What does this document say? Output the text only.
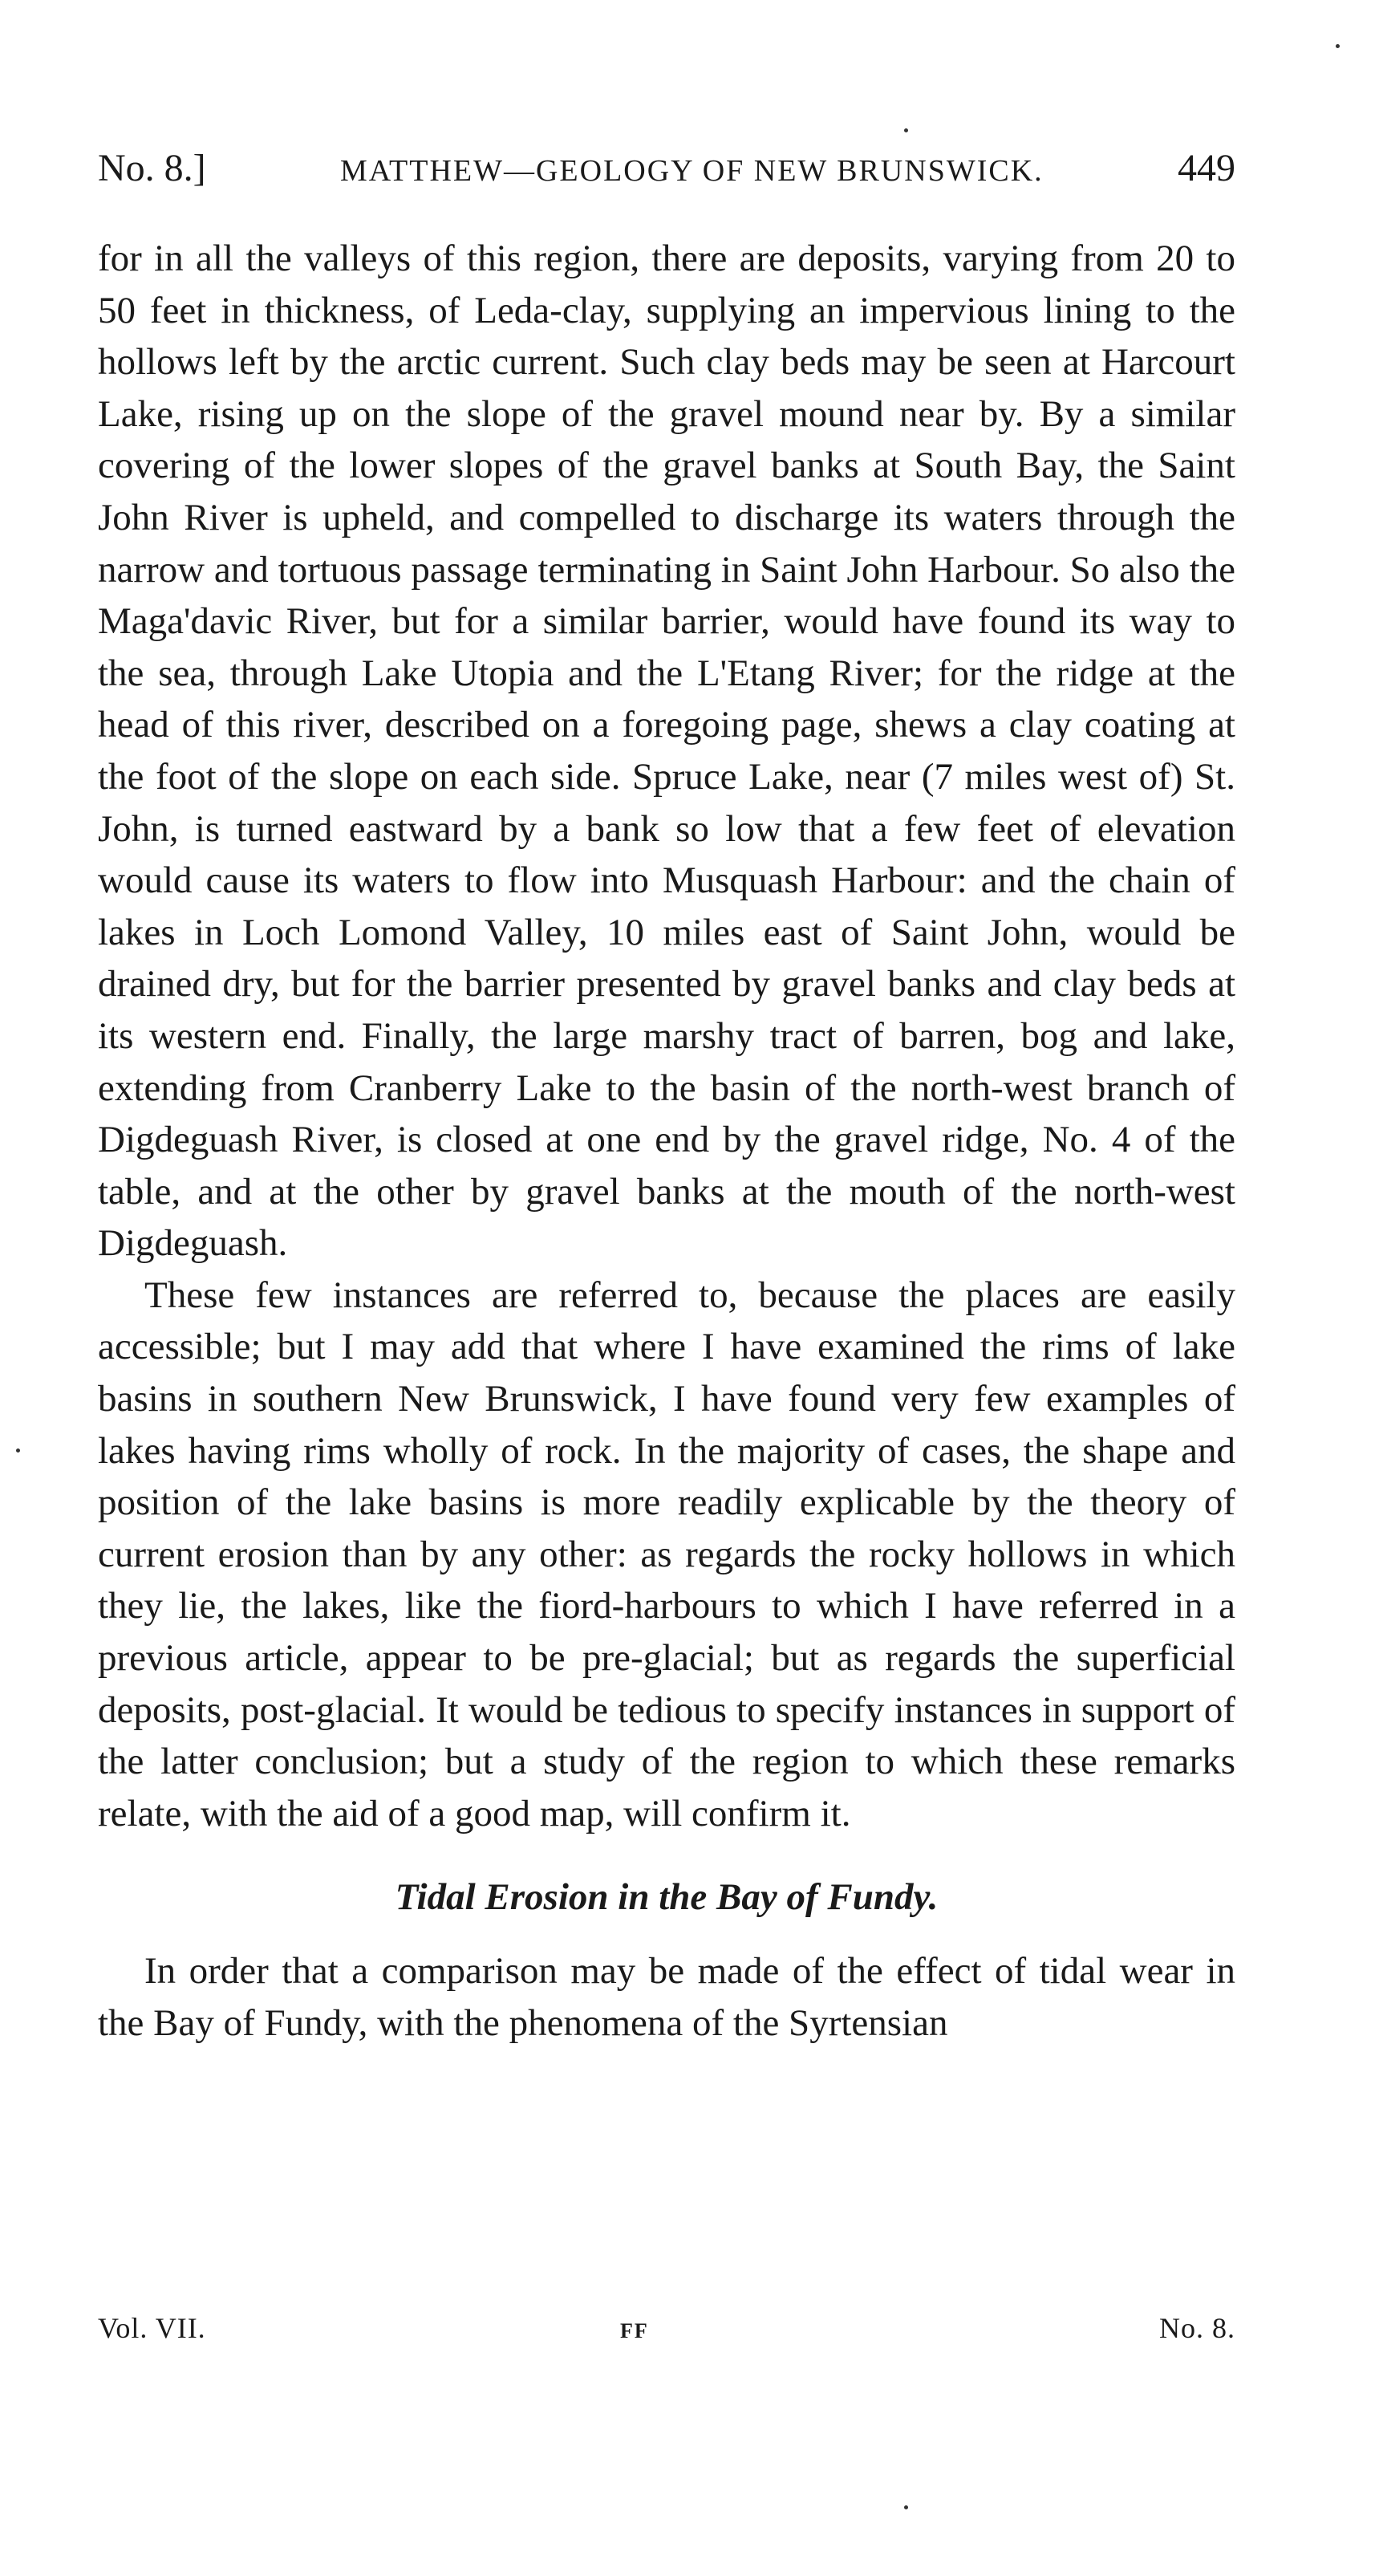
No. 8.]	MATTHEW—GEOLOGY OF NEW BRUNSWICK.	449

for in all the valleys of this region, there are deposits, varying from 20 to 50 feet in thickness, of Leda-clay, supplying an impervious lining to the hollows left by the arctic current. Such clay beds may be seen at Harcourt Lake, rising up on the slope of the gravel mound near by. By a similar covering of the lower slopes of the gravel banks at South Bay, the Saint John River is upheld, and compelled to discharge its waters through the narrow and tortuous passage terminating in Saint John Harbour. So also the Maga'davic River, but for a similar barrier, would have found its way to the sea, through Lake Utopia and the L'Etang River; for the ridge at the head of this river, described on a foregoing page, shews a clay coating at the foot of the slope on each side. Spruce Lake, near (7 miles west of) St. John, is turned eastward by a bank so low that a few feet of elevation would cause its waters to flow into Musquash Harbour: and the chain of lakes in Loch Lomond Valley, 10 miles east of Saint John, would be drained dry, but for the barrier presented by gravel banks and clay beds at its western end. Finally, the large marshy tract of barren, bog and lake, extending from Cranberry Lake to the basin of the north-west branch of Digdeguash River, is closed at one end by the gravel ridge, No. 4 of the table, and at the other by gravel banks at the mouth of the north-west Digdeguash.

These few instances are referred to, because the places are easily accessible; but I may add that where I have examined the rims of lake basins in southern New Brunswick, I have found very few examples of lakes having rims wholly of rock. In the majority of cases, the shape and position of the lake basins is more readily explicable by the theory of current erosion than by any other: as regards the rocky hollows in which they lie, the lakes, like the fiord-harbours to which I have referred in a previous article, appear to be pre-glacial; but as regards the superficial deposits, post-glacial. It would be tedious to specify instances in support of the latter conclusion; but a study of the region to which these remarks relate, with the aid of a good map, will confirm it.

Tidal Erosion in the Bay of Fundy.

In order that a comparison may be made of the effect of tidal wear in the Bay of Fundy, with the phenomena of the Syrtensian

Vol. VII.	FF	No. 8.
